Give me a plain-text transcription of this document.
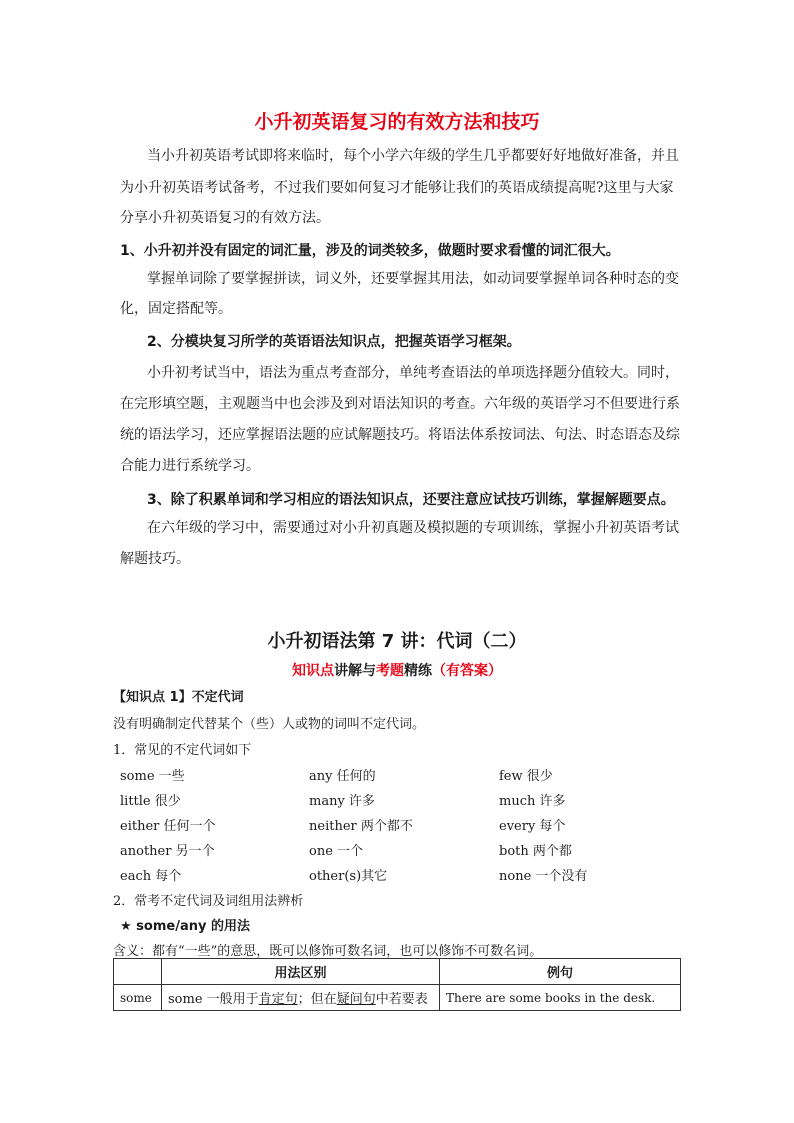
小升初英语复习的有效方法和技巧
当小升初英语考试即将来临时，每个小学六年级的学生几乎都要好好地做好准备，并且
为小升初英语考试备考，不过我们要如何复习才能够让我们的英语成绩提高呢?这里与大家
分享小升初英语复习的有效方法。
1、小升初并没有固定的词汇量，涉及的词类较多，做题时要求看懂的词汇很大。
掌握单词除了要掌握拼读，词义外，还要掌握其用法，如动词要掌握单词各种时态的变
化，固定搭配等。
2、分模块复习所学的英语语法知识点，把握英语学习框架。
小升初考试当中，语法为重点考查部分，单纯考查语法的单项选择题分值较大。同时，
在完形填空题，主观题当中也会涉及到对语法知识的考查。六年级的英语学习不但要进行系
统的语法学习，还应掌握语法题的应试解题技巧。将语法体系按词法、句法、时态语态及综
合能力进行系统学习。
3、除了积累单词和学习相应的语法知识点，还要注意应试技巧训练，掌握解题要点。
在六年级的学习中，需要通过对小升初真题及模拟题的专项训练，掌握小升初英语考试
解题技巧。
小升初语法第 7 讲：代词（二）
知识点讲解与考题精练（有答案）
【知识点 1】不定代词
没有明确制定代替某个（些）人或物的词叫不定代词。
1．常见的不定代词如下
some 一些	any 任何的	few 很少
little 很少	many 许多	much 许多
either 任何一个	neither 两个都不	every 每个
another 另一个	one 一个	both 两个都
each 每个	other(s)其它	none 一个没有
2．常考不定代词及词组用法辨析
★ some/any 的用法
含义：都有“一些”的意思，既可以修饰可数名词，也可以修饰不可数名词。
	用法区别	例句
some	some 一般用于肯定句；但在疑问句中若要表	There are some books in the desk.
